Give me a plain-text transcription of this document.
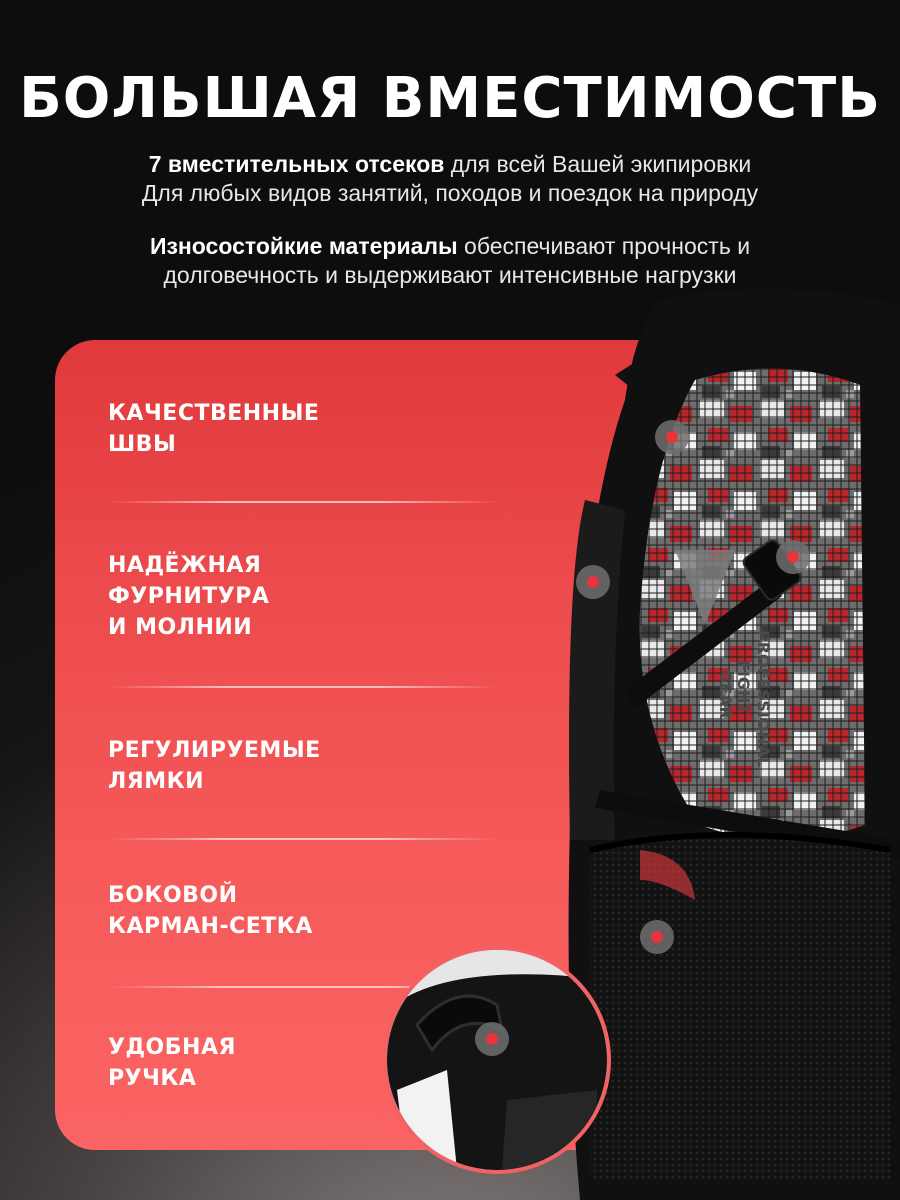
БОЛЬШАЯ ВМЕСТИМОСТЬ
7 вместительных отсеков для всей Вашей экипировки
Для любых видов занятий, походов и поездок на природу
Износостойкие материалы обеспечивают прочность и
долговечность и выдерживают интенсивные нагрузки
КАЧЕСТВЕННЫЕ
ШВЫ
НАДЁЖНАЯ
ФУРНИТУРА
И МОЛНИИ
РЕГУЛИРУЕМЫЕ
ЛЯМКИ
БОКОВОЙ
КАРМАН-СЕТКА
УДОБНАЯ
РУЧКА
PROFESSIONAL
FIGHT
GEAR
